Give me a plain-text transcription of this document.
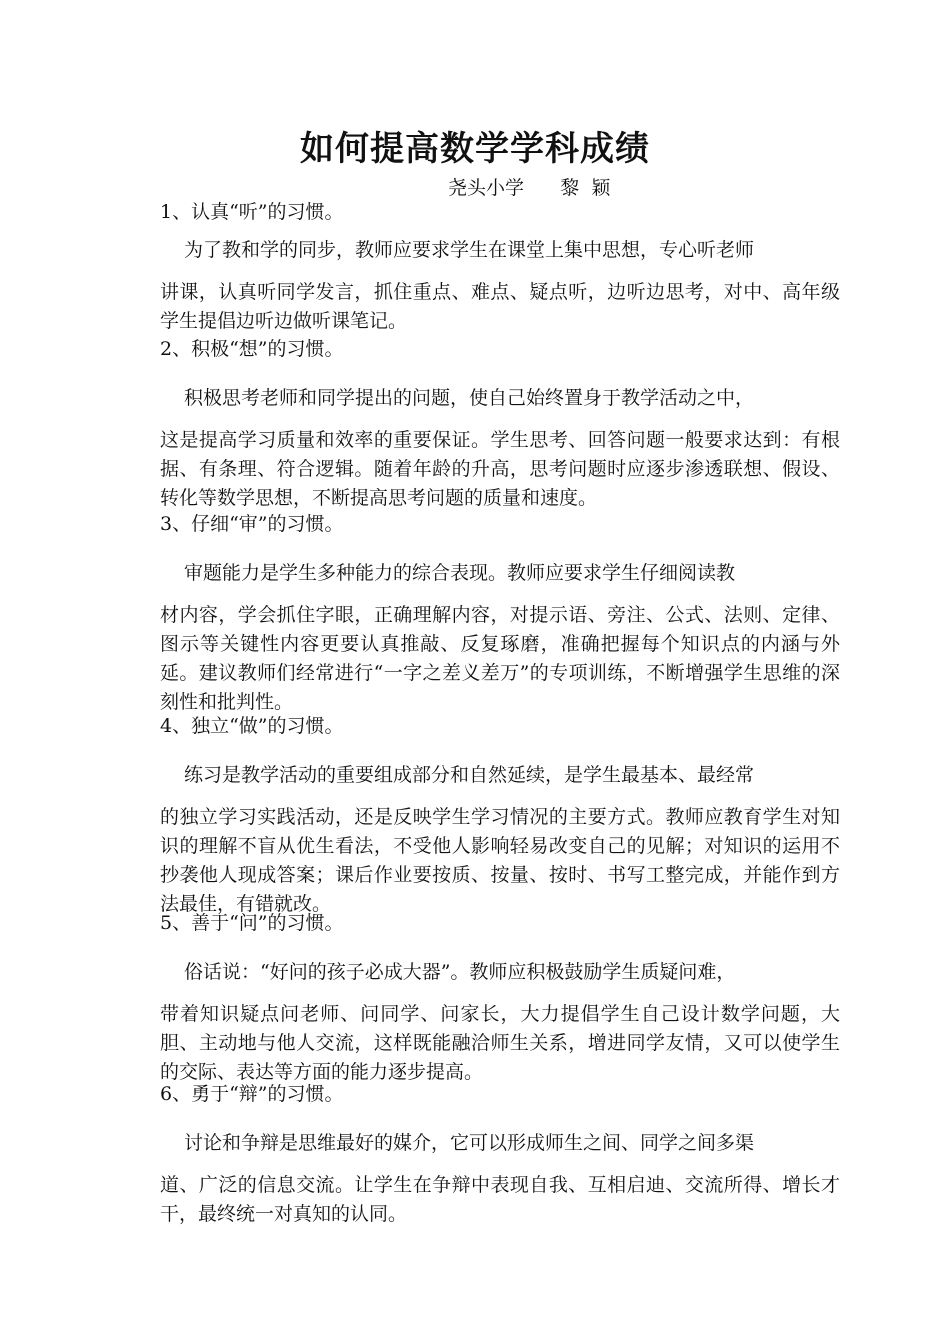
如何提高数学学科成绩
尧头小学      黎  颖
1、认真“听”的习惯。
为了教和学的同步，教师应要求学生在课堂上集中思想，专心听老师
讲课，认真听同学发言，抓住重点、难点、疑点听，边听边思考，对中、高年级学生提倡边听边做听课笔记。
2、积极“想”的习惯。
积极思考老师和同学提出的问题，使自己始终置身于教学活动之中，
这是提高学习质量和效率的重要保证。学生思考、回答问题一般要求达到：有根据、有条理、符合逻辑。随着年龄的升高，思考问题时应逐步渗透联想、假设、转化等数学思想，不断提高思考问题的质量和速度。
3、仔细“审”的习惯。
审题能力是学生多种能力的综合表现。教师应要求学生仔细阅读教
材内容，学会抓住字眼，正确理解内容，对提示语、旁注、公式、法则、定律、图示等关键性内容更要认真推敲、反复琢磨，准确把握每个知识点的内涵与外延。建议教师们经常进行“一字之差义差万”的专项训练，不断增强学生思维的深刻性和批判性。
4、独立“做”的习惯。
练习是教学活动的重要组成部分和自然延续，是学生最基本、最经常
的独立学习实践活动，还是反映学生学习情况的主要方式。教师应教育学生对知识的理解不盲从优生看法，不受他人影响轻易改变自己的见解；对知识的运用不抄袭他人现成答案；课后作业要按质、按量、按时、书写工整完成，并能作到方法最佳，有错就改。
5、善于“问”的习惯。
俗话说：“好问的孩子必成大器”。教师应积极鼓励学生质疑问难，
带着知识疑点问老师、问同学、问家长，大力提倡学生自己设计数学问题，大胆、主动地与他人交流，这样既能融洽师生关系，增进同学友情，又可以使学生的交际、表达等方面的能力逐步提高。
6、勇于“辩”的习惯。
讨论和争辩是思维最好的媒介，它可以形成师生之间、同学之间多渠
道、广泛的信息交流。让学生在争辩中表现自我、互相启迪、交流所得、增长才干，最终统一对真知的认同。
